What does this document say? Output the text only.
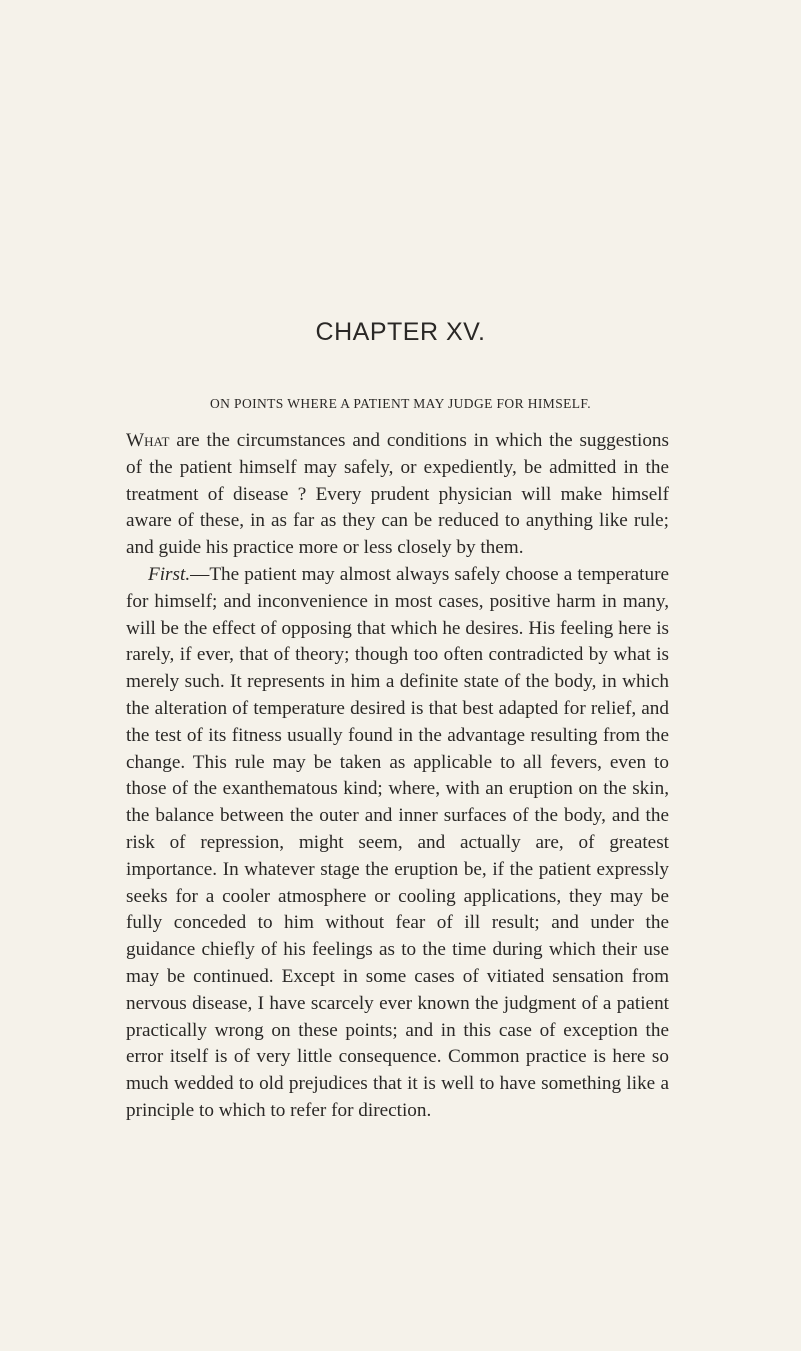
CHAPTER XV.
ON POINTS WHERE A PATIENT MAY JUDGE FOR HIMSELF.

What are the circumstances and conditions in which the suggestions of the patient himself may safely, or expediently, be admitted in the treatment of disease ? Every prudent physician will make himself aware of these, in as far as they can be reduced to anything like rule; and guide his practice more or less closely by them.

First.—The patient may almost always safely choose a temperature for himself; and inconvenience in most cases, positive harm in many, will be the effect of opposing that which he desires. His feeling here is rarely, if ever, that of theory; though too often contradicted by what is merely such. It represents in him a definite state of the body, in which the alteration of temperature desired is that best adapted for relief, and the test of its fitness usually found in the advantage resulting from the change. This rule may be taken as applicable to all fevers, even to those of the exanthematous kind; where, with an eruption on the skin, the balance between the outer and inner surfaces of the body, and the risk of repression, might seem, and actually are, of greatest importance. In whatever stage the eruption be, if the patient expressly seeks for a cooler atmosphere or cooling applications, they may be fully conceded to him without fear of ill result; and under the guidance chiefly of his feelings as to the time during which their use may be continued. Except in some cases of vitiated sensation from nervous disease, I have scarcely ever known the judgment of a patient practically wrong on these points; and in this case of exception the error itself is of very little consequence. Common practice is here so much wedded to old prejudices that it is well to have something like a principle to which to refer for direction.
